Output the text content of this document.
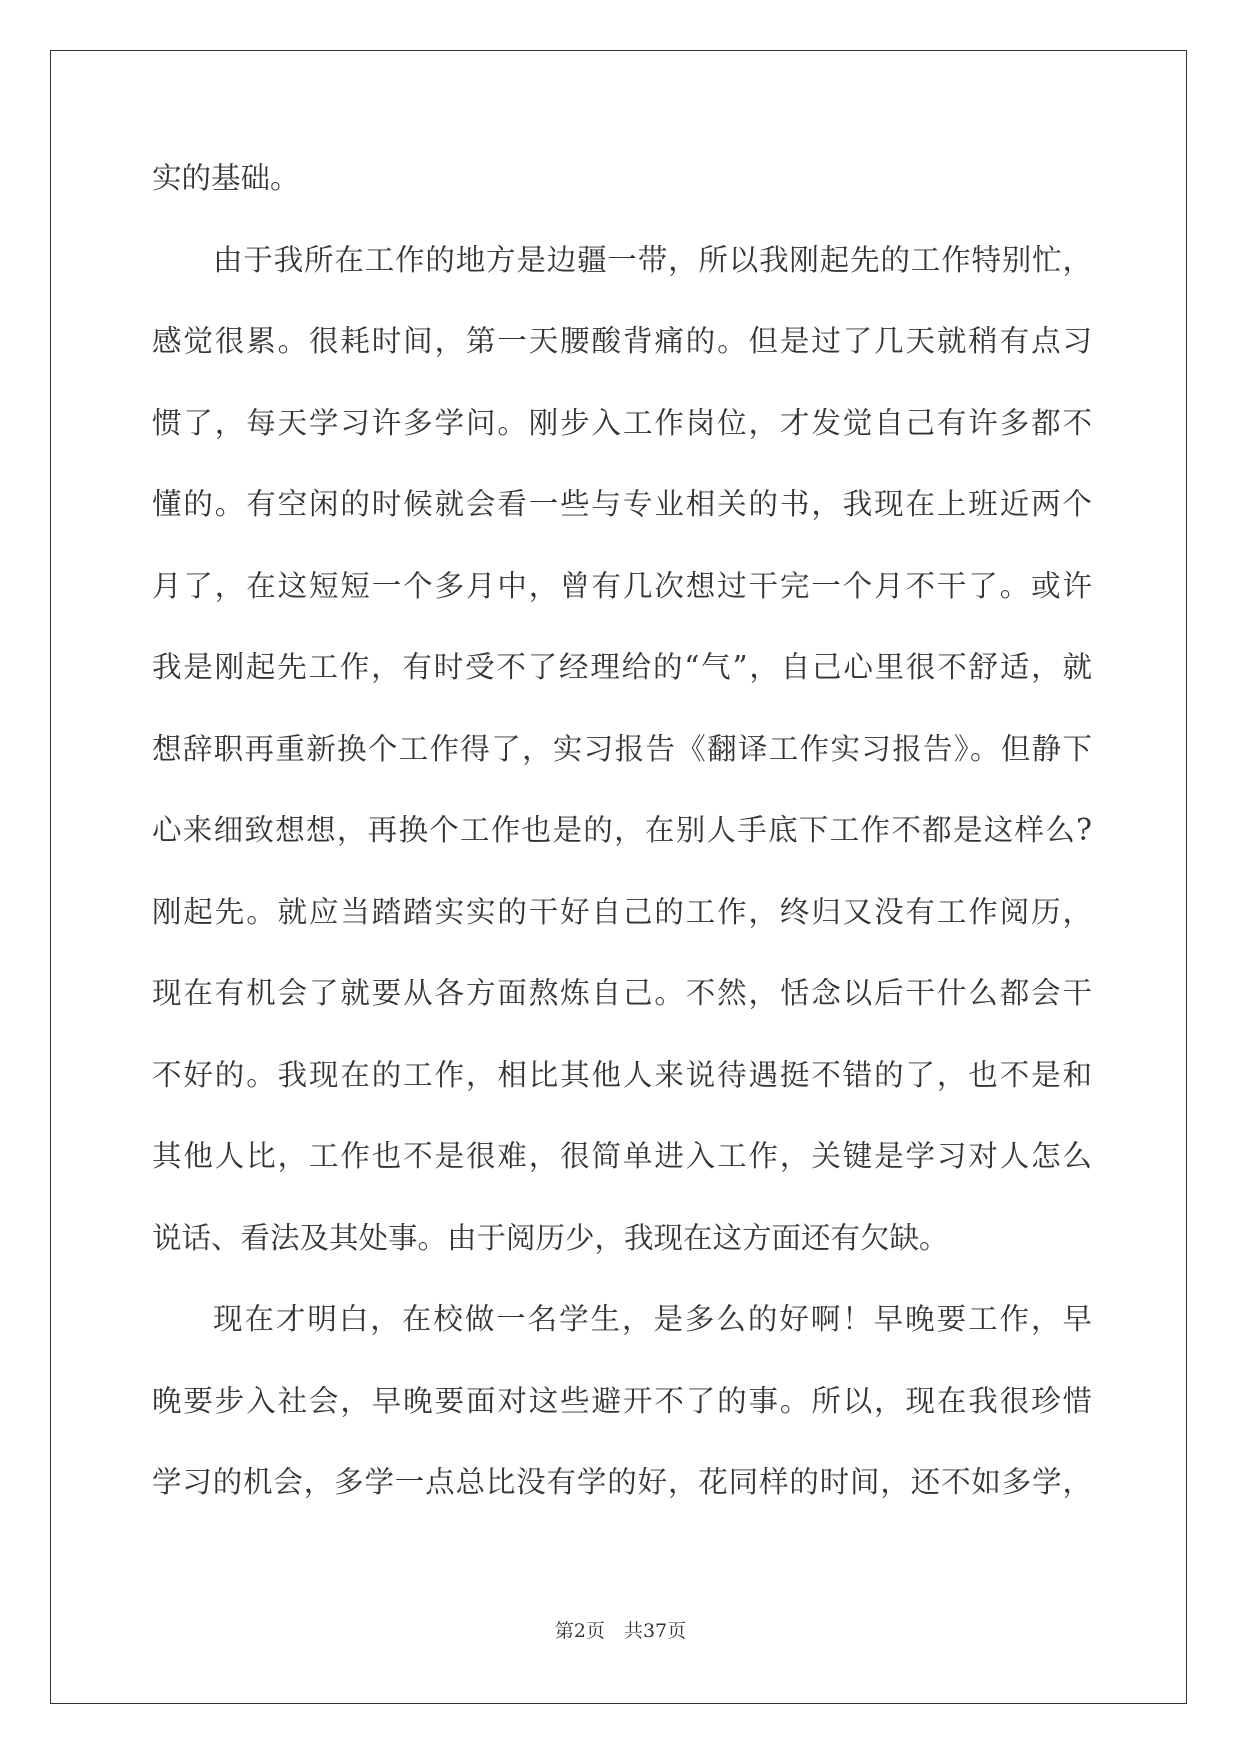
实的基础。
由于我所在工作的地方是边疆一带，所以我刚起先的工作特别忙，
感觉很累。很耗时间，第一天腰酸背痛的。但是过了几天就稍有点习
惯了，每天学习许多学问。刚步入工作岗位，才发觉自己有许多都不
懂的。有空闲的时候就会看一些与专业相关的书，我现在上班近两个
月了，在这短短一个多月中，曾有几次想过干完一个月不干了。或许
我是刚起先工作，有时受不了经理给的“气”，自己心里很不舒适，就
想辞职再重新换个工作得了，实习报告《翻译工作实习报告》。但静下
心来细致想想，再换个工作也是的，在别人手底下工作不都是这样么?
刚起先。就应当踏踏实实的干好自己的工作，终归又没有工作阅历，
现在有机会了就要从各方面熬炼自己。不然，恬念以后干什么都会干
不好的。我现在的工作，相比其他人来说待遇挺不错的了，也不是和
其他人比，工作也不是很难，很简单进入工作，关键是学习对人怎么
说话、看法及其处事。由于阅历少，我现在这方面还有欠缺。
现在才明白，在校做一名学生，是多么的好啊！早晚要工作，早
晚要步入社会，早晚要面对这些避开不了的事。所以，现在我很珍惜
学习的机会，多学一点总比没有学的好，花同样的时间，还不如多学，
第2页　共37页
